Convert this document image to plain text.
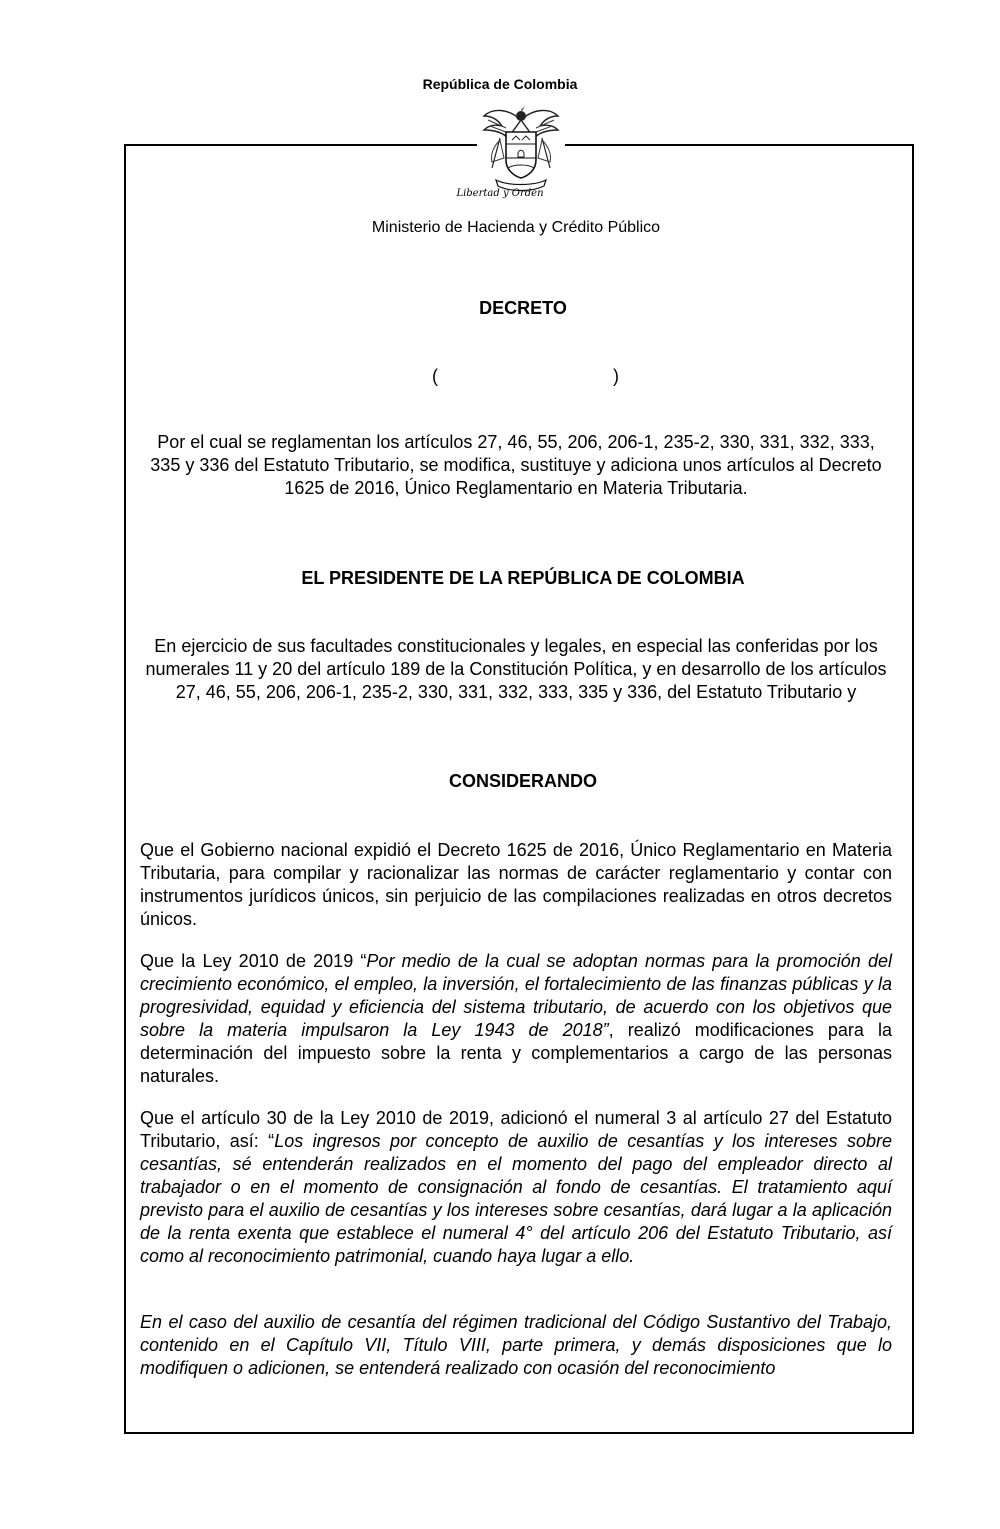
República de Colombia
Libertad y Orden
Ministerio de Hacienda y Crédito Público
DECRETO
(	)
Por el cual se reglamentan los artículos 27, 46, 55, 206, 206-1, 235-2, 330, 331, 332, 333, 335 y 336 del Estatuto Tributario, se modifica, sustituye y adiciona unos artículos al Decreto 1625 de 2016, Único Reglamentario en Materia Tributaria.
EL PRESIDENTE DE LA REPÚBLICA DE COLOMBIA
En ejercicio de sus facultades constitucionales y legales, en especial las conferidas por los numerales 11 y 20 del artículo 189 de la Constitución Política, y en desarrollo de los artículos 27, 46, 55, 206, 206-1, 235-2, 330, 331, 332, 333, 335 y 336, del Estatuto Tributario y
CONSIDERANDO
Que el Gobierno nacional expidió el Decreto 1625 de 2016, Único Reglamentario en Materia Tributaria, para compilar y racionalizar las normas de carácter reglamentario y contar con instrumentos jurídicos únicos, sin perjuicio de las compilaciones realizadas en otros decretos únicos.
Que la Ley 2010 de 2019 “Por medio de la cual se adoptan normas para la promoción del crecimiento económico, el empleo, la inversión, el fortalecimiento de las finanzas públicas y la progresividad, equidad y eficiencia del sistema tributario, de acuerdo con los objetivos que sobre la materia impulsaron la Ley 1943 de 2018”, realizó modificaciones para la determinación del impuesto sobre la renta y complementarios a cargo de las personas naturales.
Que el artículo 30 de la Ley 2010 de 2019, adicionó el numeral 3 al artículo 27 del Estatuto Tributario, así: “Los ingresos por concepto de auxilio de cesantías y los intereses sobre cesantías, sé entenderán realizados en el momento del pago del empleador directo al trabajador o en el momento de consignación al fondo de cesantías. El tratamiento aquí previsto para el auxilio de cesantías y los intereses sobre cesantías, dará lugar a la aplicación de la renta exenta que establece el numeral 4° del artículo 206 del Estatuto Tributario, así como al reconocimiento patrimonial, cuando haya lugar a ello.
En el caso del auxilio de cesantía del régimen tradicional del Código Sustantivo del Trabajo, contenido en el Capítulo VII, Título VIII, parte primera, y demás disposiciones que lo modifiquen o adicionen, se entenderá realizado con ocasión del reconocimiento
